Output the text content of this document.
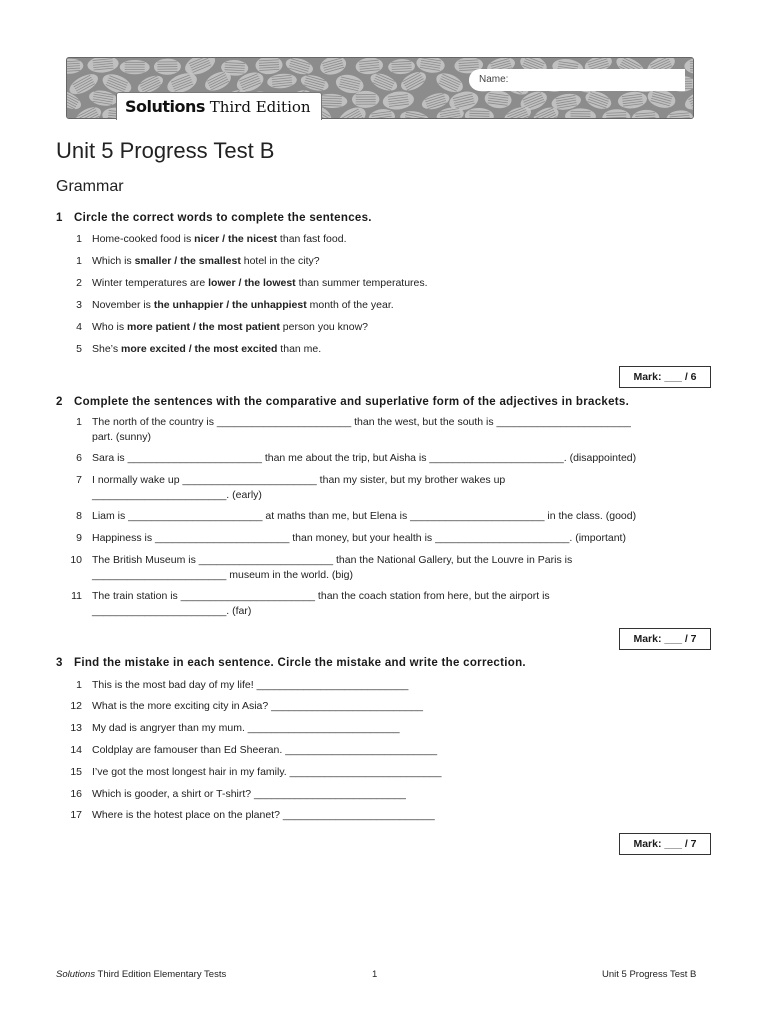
Name:
Solutions Third Edition
Unit 5 Progress Test B
Grammar
1 Circle the correct words to complete the sentences.
1 Home-cooked food is nicer / the nicest than fast food.
1 Which is smaller / the smallest hotel in the city?
2 Winter temperatures are lower / the lowest than summer temperatures.
3 November is the unhappier / the unhappiest month of the year.
4 Who is more patient / the most patient person you know?
5 She’s more excited / the most excited than me.
Mark: ___ / 6
2 Complete the sentences with the comparative and superlative form of the adjectives in brackets.
1 The north of the country is _______________________ than the west, but the south is _______________________
part. (sunny)
6 Sara is _______________________ than me about the trip, but Aisha is _______________________. (disappointed)
7 I normally wake up _______________________ than my sister, but my brother wakes up
_______________________. (early)
8 Liam is _______________________ at maths than me, but Elena is _______________________ in the class. (good)
9 Happiness is _______________________ than money, but your health is _______________________. (important)
10 The British Museum is _______________________ than the National Gallery, but the Louvre in Paris is
_______________________ museum in the world. (big)
11 The train station is _______________________ than the coach station from here, but the airport is
_______________________. (far)
Mark: ___ / 7
3 Find the mistake in each sentence. Circle the mistake and write the correction.
1 This is the most bad day of my life! __________________________
12 What is the more exciting city in Asia? __________________________
13 My dad is angryer than my mum. __________________________
14 Coldplay are famouser than Ed Sheeran. __________________________
15 I’ve got the most longest hair in my family. __________________________
16 Which is gooder, a shirt or T-shirt? __________________________
17 Where is the hotest place on the planet? __________________________
Mark: ___ / 7
Solutions Third Edition Elementary Tests	1	Unit 5 Progress Test B
